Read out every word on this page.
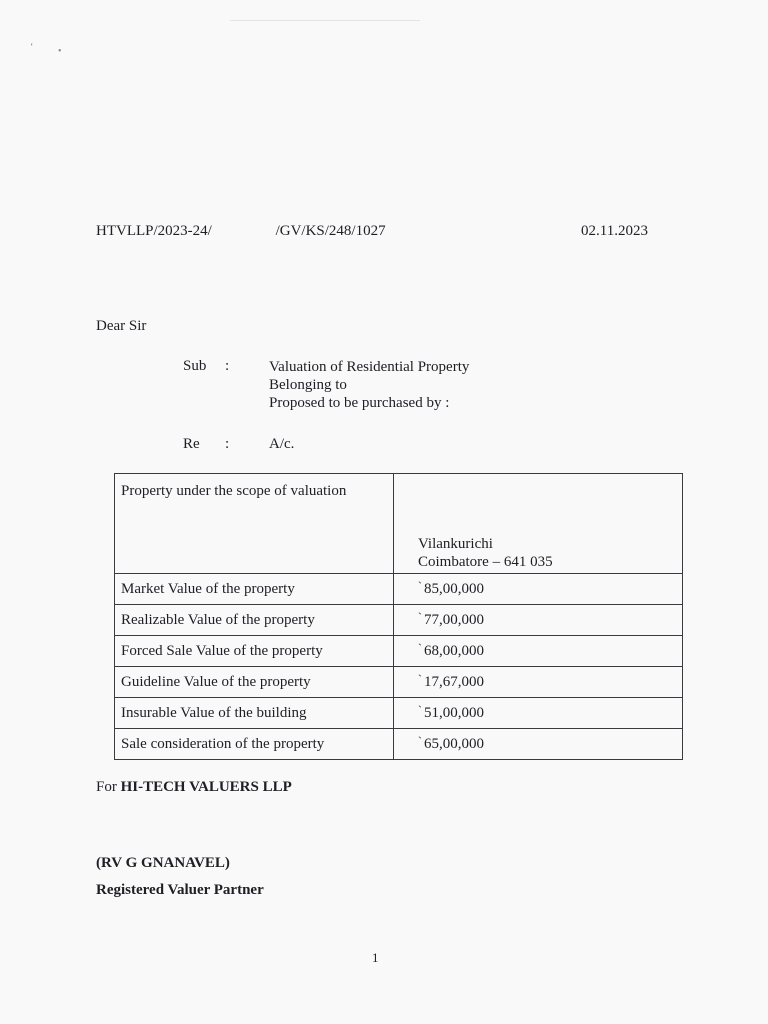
‘ •
HTVLLP/2023-24/                 /GV/KS/248/1027	02.11.2023
Dear Sir
Sub	:	Valuation of Residential Property
Belonging to
Proposed to be purchased by :
Re	:	A/c.
Property under the scope of valuation	Vilankurichi
Coimbatore – 641 035

Market Value of the property	` 85,00,000
Realizable Value of the property	` 77,00,000
Forced Sale Value of the property	` 68,00,000
Guideline Value of the property	` 17,67,000
Insurable Value of the building	` 51,00,000
Sale consideration of the property	` 65,00,000
For HI-TECH VALUERS LLP
(RV G GNANAVEL)
Registered Valuer Partner
1
